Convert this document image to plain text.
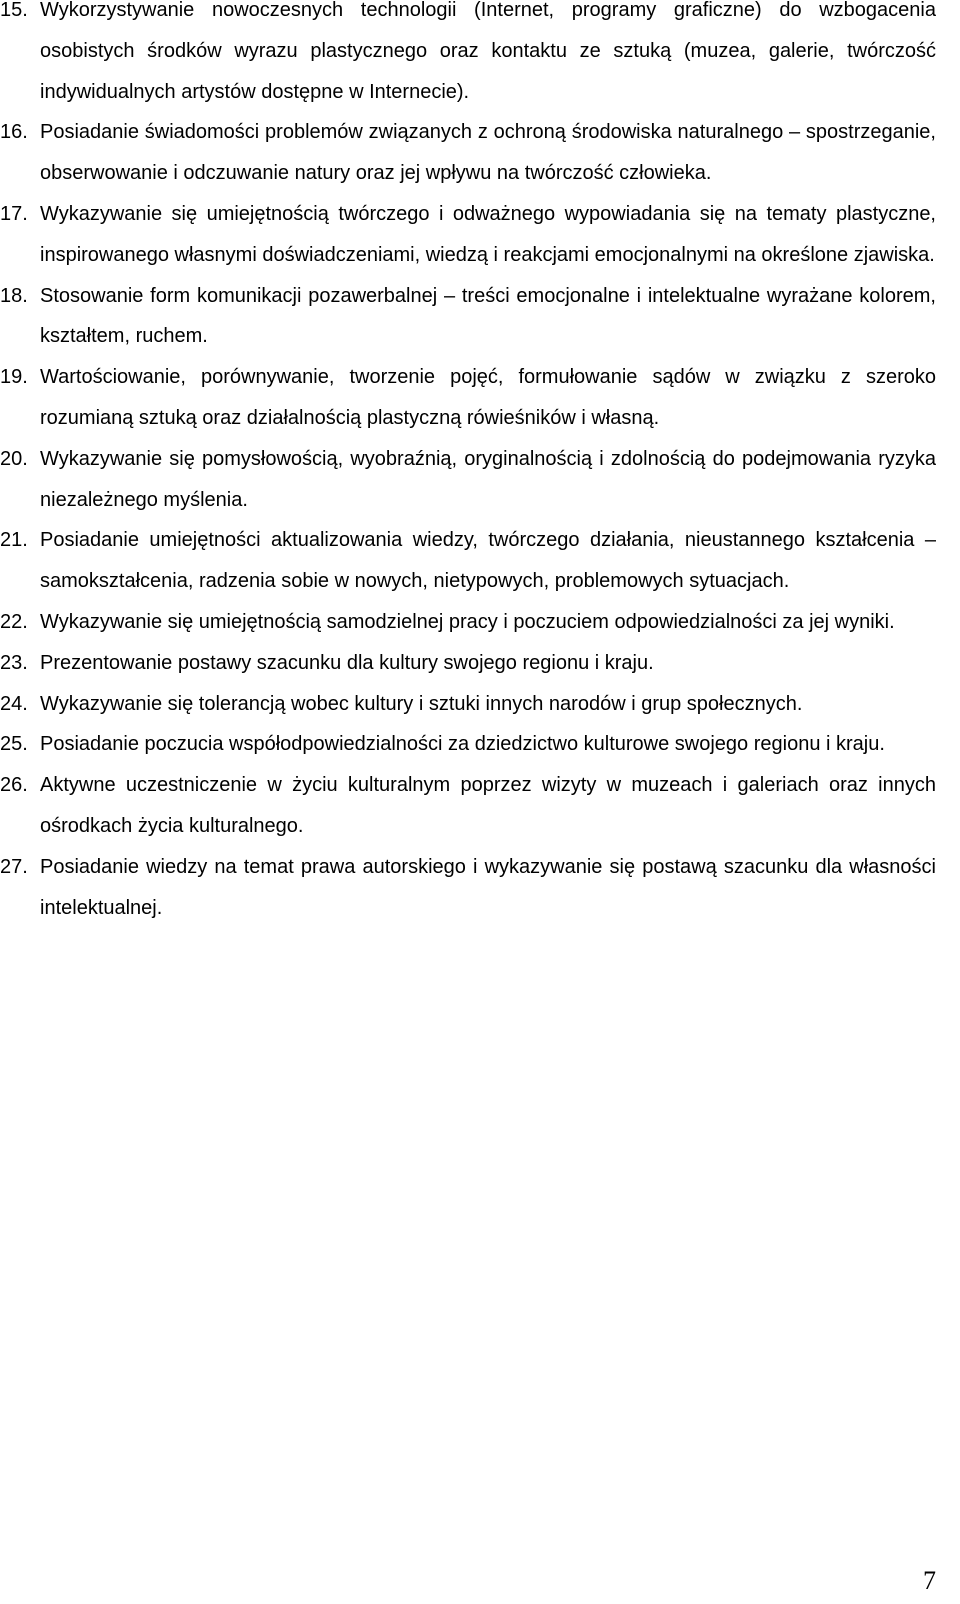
15. Wykorzystywanie nowoczesnych technologii (Internet, programy graficzne) do wzbogacenia osobistych środków wyrazu plastycznego oraz kontaktu ze sztuką (muzea, galerie, twórczość indywidualnych artystów dostępne w Internecie).
16. Posiadanie świadomości problemów związanych z ochroną środowiska naturalnego – spostrzeganie, obserwowanie i odczuwanie natury oraz jej wpływu na twórczość człowieka.
17. Wykazywanie się umiejętnością twórczego i odważnego wypowiadania się na tematy plastyczne, inspirowanego własnymi doświadczeniami, wiedzą i reakcjami emocjonalnymi na określone zjawiska.
18. Stosowanie form komunikacji pozawerbalnej – treści emocjonalne i intelektualne wyrażane kolorem, kształtem, ruchem.
19. Wartościowanie, porównywanie, tworzenie pojęć, formułowanie sądów w związku z szeroko rozumianą sztuką oraz działalnością plastyczną rówieśników i własną.
20. Wykazywanie się pomysłowością, wyobraźnią, oryginalnością i zdolnością do podejmowania ryzyka niezależnego myślenia.
21. Posiadanie umiejętności aktualizowania wiedzy, twórczego działania, nieustannego kształcenia – samokształcenia, radzenia sobie w nowych, nietypowych, problemowych sytuacjach.
22. Wykazywanie się umiejętnością samodzielnej pracy i poczuciem odpowiedzialności za jej wyniki.
23. Prezentowanie postawy szacunku dla kultury swojego regionu i kraju.
24. Wykazywanie się tolerancją wobec kultury i sztuki innych narodów i grup społecznych.
25. Posiadanie poczucia współodpowiedzialności za dziedzictwo kulturowe swojego regionu i kraju.
26. Aktywne uczestniczenie w życiu kulturalnym poprzez wizyty w muzeach i galeriach oraz innych ośrodkach życia kulturalnego.
27. Posiadanie wiedzy na temat prawa autorskiego i wykazywanie się postawą szacunku dla własności intelektualnej.
7
